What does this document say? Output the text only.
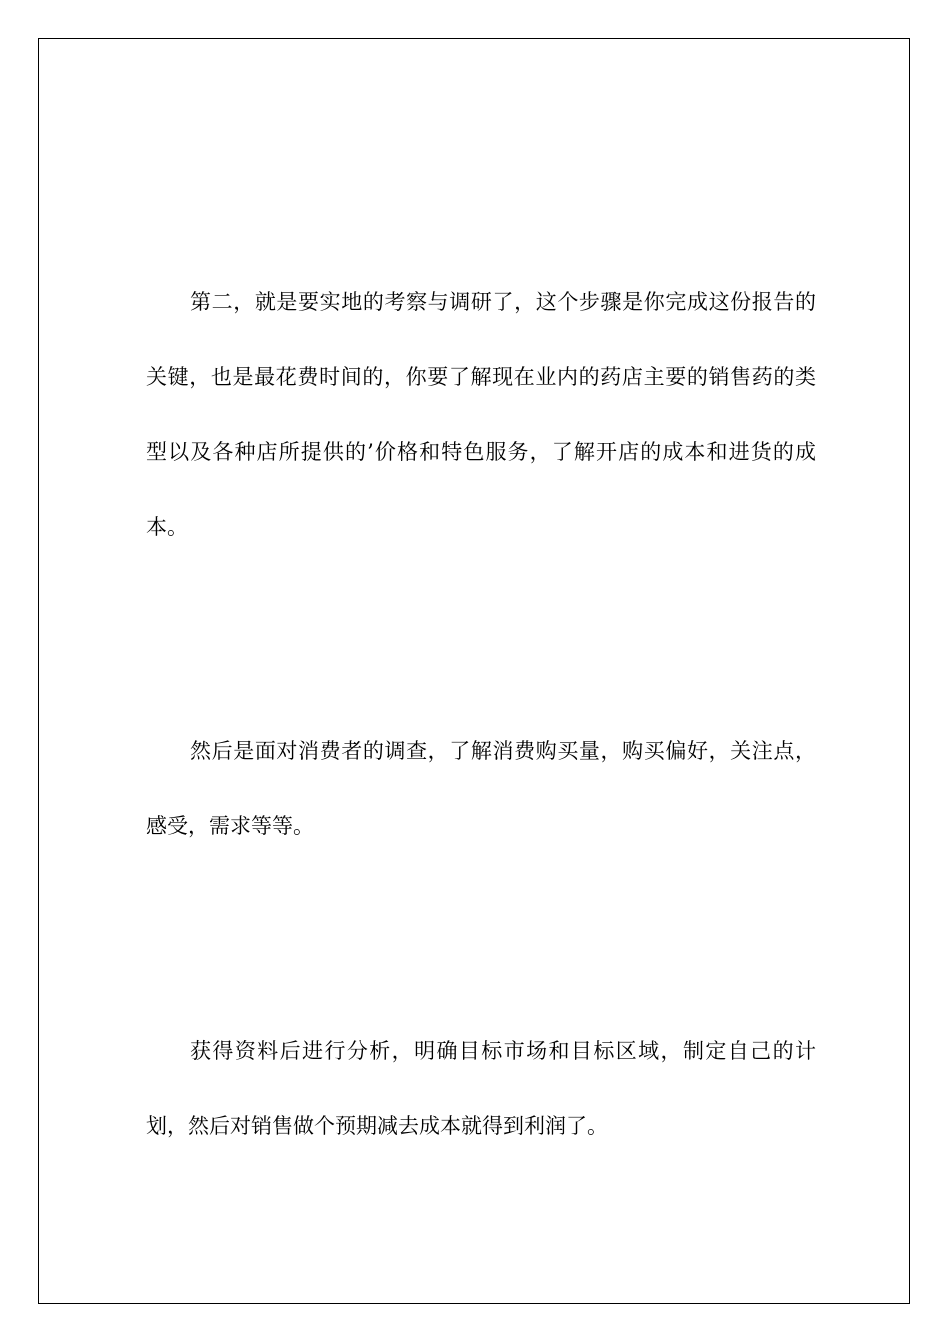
第二，就是要实地的考察与调研了，这个步骤是你完成这份报告的关键，也是最花费时间的，你要了解现在业内的药店主要的销售药的类型以及各种店所提供的’价格和特色服务，了解开店的成本和进货的成本。

然后是面对消费者的调查，了解消费购买量，购买偏好，关注点，感受，需求等等。

获得资料后进行分析，明确目标市场和目标区域，制定自己的计划，然后对销售做个预期减去成本就得到利润了。
